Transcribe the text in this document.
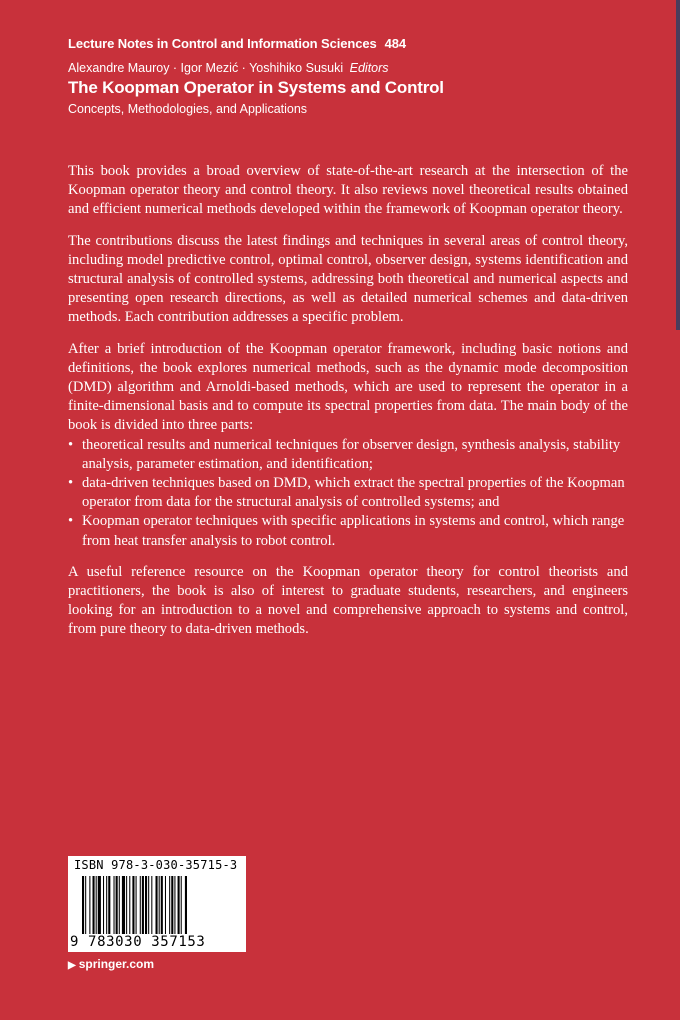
Lecture Notes in Control and Information Sciences 484
Alexandre Mauroy · Igor Mezić · Yoshihiko Susuki Editors
The Koopman Operator in Systems and Control
Concepts, Methodologies, and Applications

This book provides a broad overview of state-of-the-art research at the intersection of the Koopman operator theory and control theory. It also reviews novel theoretical results obtained and efficient numerical methods developed within the framework of Koopman operator theory.

The contributions discuss the latest findings and techniques in several areas of control theory, including model predictive control, optimal control, observer design, systems identification and structural analysis of controlled systems, addressing both theoretical and numerical aspects and presenting open research directions, as well as detailed numerical schemes and data-driven methods. Each contribution addresses a specific problem.

After a brief introduction of the Koopman operator framework, including basic notions and definitions, the book explores numerical methods, such as the dynamic mode decomposition (DMD) algorithm and Arnoldi-based methods, which are used to represent the operator in a finite-dimensional basis and to compute its spectral properties from data. The main body of the book is divided into three parts:

• theoretical results and numerical techniques for observer design, synthesis analysis, stability analysis, parameter estimation, and identification;
• data-driven techniques based on DMD, which extract the spectral properties of the Koopman operator from data for the structural analysis of controlled systems; and
• Koopman operator techniques with specific applications in systems and control, which range from heat transfer analysis to robot control.

A useful reference resource on the Koopman operator theory for control theorists and practitioners, the book is also of interest to graduate students, researchers, and engineers looking for an introduction to a novel and comprehensive approach to systems and control, from pure theory to data-driven methods.

ISBN 978-3-030-35715-3
9 783030 357153
▶ springer.com
